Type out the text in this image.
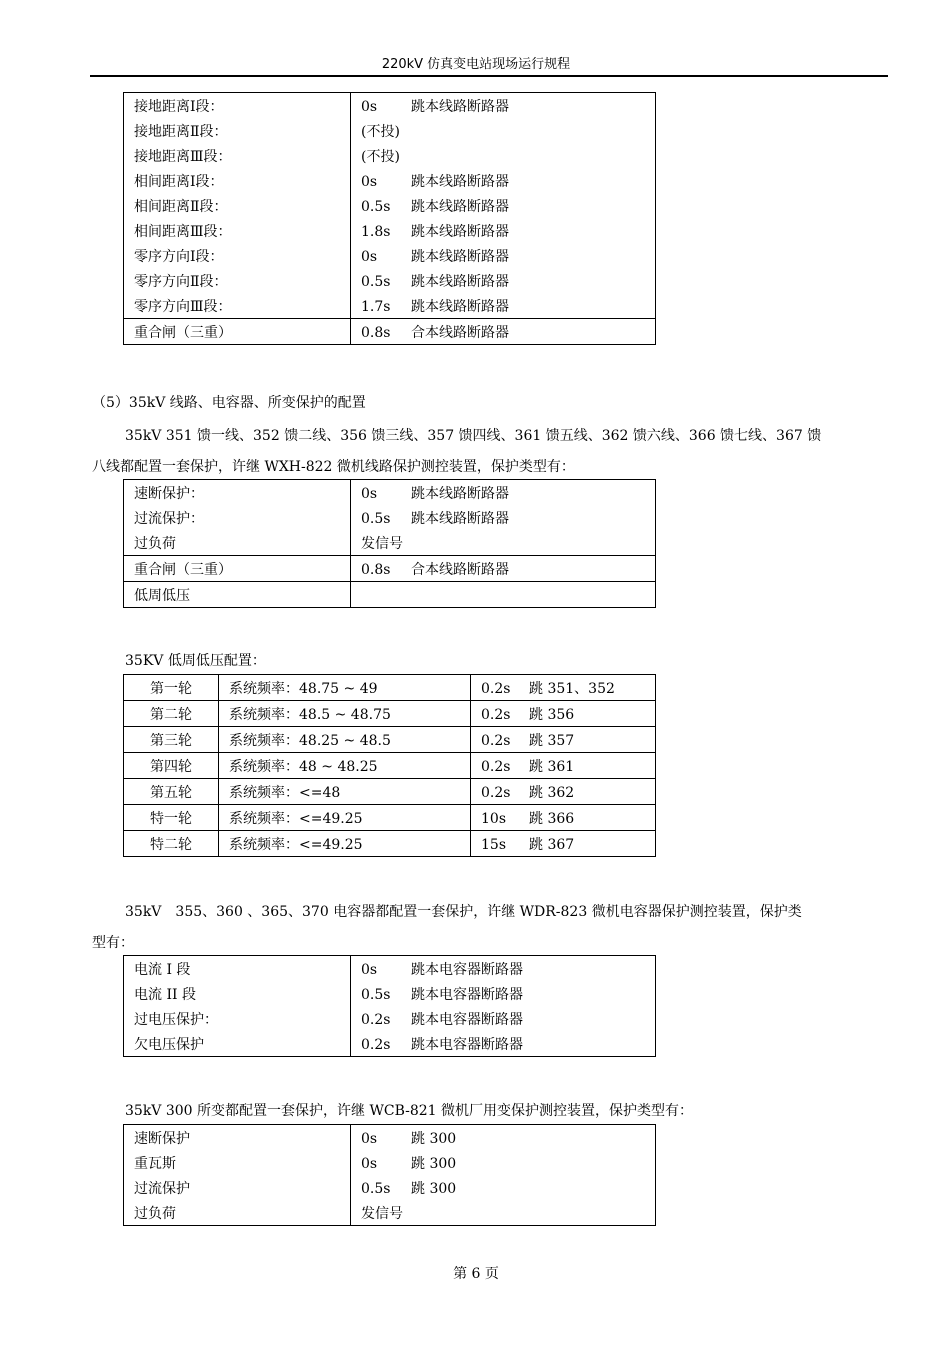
220kV 仿真变电站现场运行规程
接地距离Ⅰ段：	0s 跳本线路断路器
接地距离Ⅱ段：	(不投)
接地距离Ⅲ段：	(不投)
相间距离Ⅰ段：	0s 跳本线路断路器
相间距离Ⅱ段：	0.5s 跳本线路断路器
相间距离Ⅲ段：	1.8s 跳本线路断路器
零序方向Ⅰ段：	0s 跳本线路断路器
零序方向Ⅱ段：	0.5s 跳本线路断路器
零序方向Ⅲ段：	1.7s 跳本线路断路器
重合闸（三重）	0.8s 合本线路断路器
（5）35kV 线路、电容器、所变保护的配置
35kV 351 馈一线、352 馈二线、356 馈三线、357 馈四线、361 馈五线、362 馈六线、366 馈七线、367 馈
八线都配置一套保护，许继 WXH-822 微机线路保护测控装置，保护类型有：
速断保护：	0s 跳本线路断路器
过流保护：	0.5s 跳本线路断路器
过负荷	发信号
重合闸（三重）	0.8s 合本线路断路器
低周低压	
35KV 低周低压配置：
第一轮	系统频率：48.75 ~ 49	0.2s 跳 351、352
第二轮	系统频率：48.5 ~ 48.75	0.2s 跳 356
第三轮	系统频率：48.25 ~ 48.5	0.2s 跳 357
第四轮	系统频率：48 ~ 48.25	0.2s 跳 361
第五轮	系统频率：<=48	0.2s 跳 362
特一轮	系统频率：<=49.25	10s 跳 366
特二轮	系统频率：<=49.25	15s 跳 367
35kV　355、360 、365、370 电容器都配置一套保护，许继 WDR-823 微机电容器保护测控装置，保护类
型有：
电流 I 段	0s 跳本电容器断路器
电流 II 段	0.5s 跳本电容器断路器
过电压保护：	0.2s 跳本电容器断路器
欠电压保护	0.2s 跳本电容器断路器
35kV 300 所变都配置一套保护，许继 WCB-821 微机厂用变保护测控装置，保护类型有：
速断保护	0s 跳 300
重瓦斯	0s 跳 300
过流保护	0.5s 跳 300
过负荷	发信号
第 6 页
